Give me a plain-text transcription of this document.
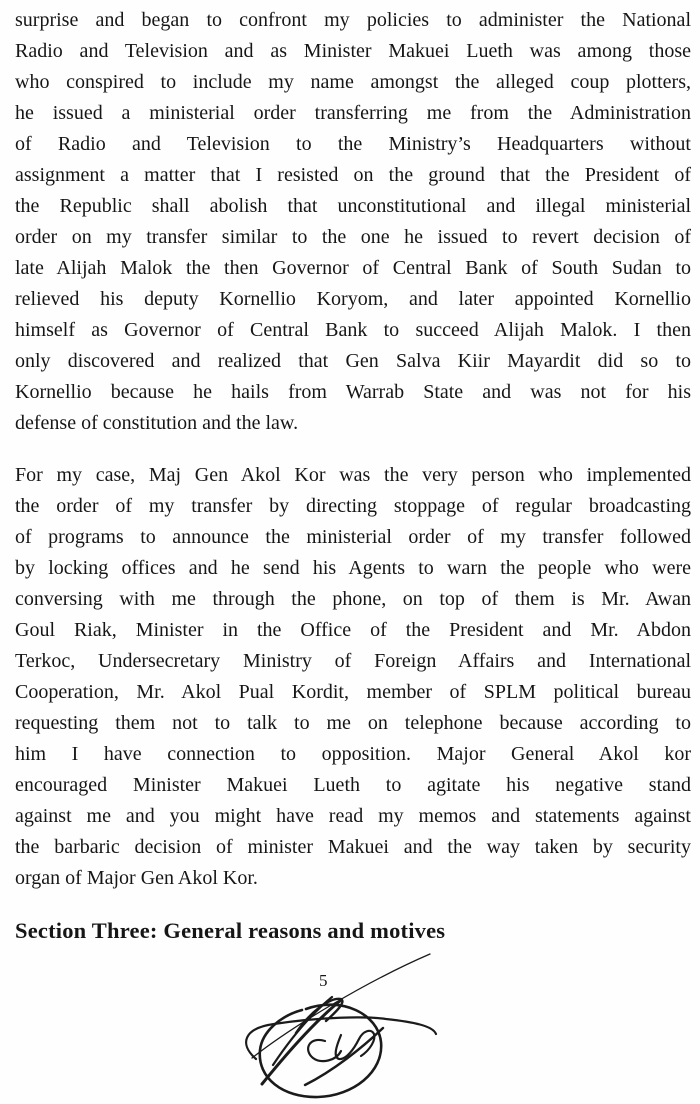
surprise and began to confront my policies to administer the National
Radio and Television and as Minister Makuei Lueth was among those
who conspired to include my name amongst the alleged coup plotters,
he issued a ministerial order transferring me from the Administration
of Radio and Television to the Ministry’s Headquarters without
assignment a matter that I resisted on the ground that the President of
the Republic shall abolish that unconstitutional and illegal ministerial
order on my transfer similar to the one he issued to revert decision of
late Alijah Malok the then Governor of Central Bank of South Sudan to
relieved his deputy Kornellio Koryom, and later appointed Kornellio
himself as Governor of Central Bank to succeed Alijah Malok. I then
only discovered and realized that Gen Salva Kiir Mayardit did so to
Kornellio because he hails from Warrab State and was not for his
defense of constitution and the law.
For my case, Maj Gen Akol Kor was the very person who implemented
the order of my transfer by directing stoppage of regular broadcasting
of programs to announce the ministerial order of my transfer followed
by locking offices and he send his Agents to warn the people who were
conversing with me through the phone, on top of them is Mr. Awan
Goul Riak, Minister in the Office of the President and Mr. Abdon
Terkoc, Undersecretary Ministry of Foreign Affairs and International
Cooperation, Mr. Akol Pual Kordit, member of SPLM political bureau
requesting them not to talk to me on telephone because according to
him I have connection to opposition. Major General Akol kor
encouraged Minister Makuei Lueth to agitate his negative stand
against me and you might have read my memos and statements against
the barbaric decision of minister Makuei and the way taken by security
organ of Major Gen Akol Kor.
Section Three: General reasons and motives
5
